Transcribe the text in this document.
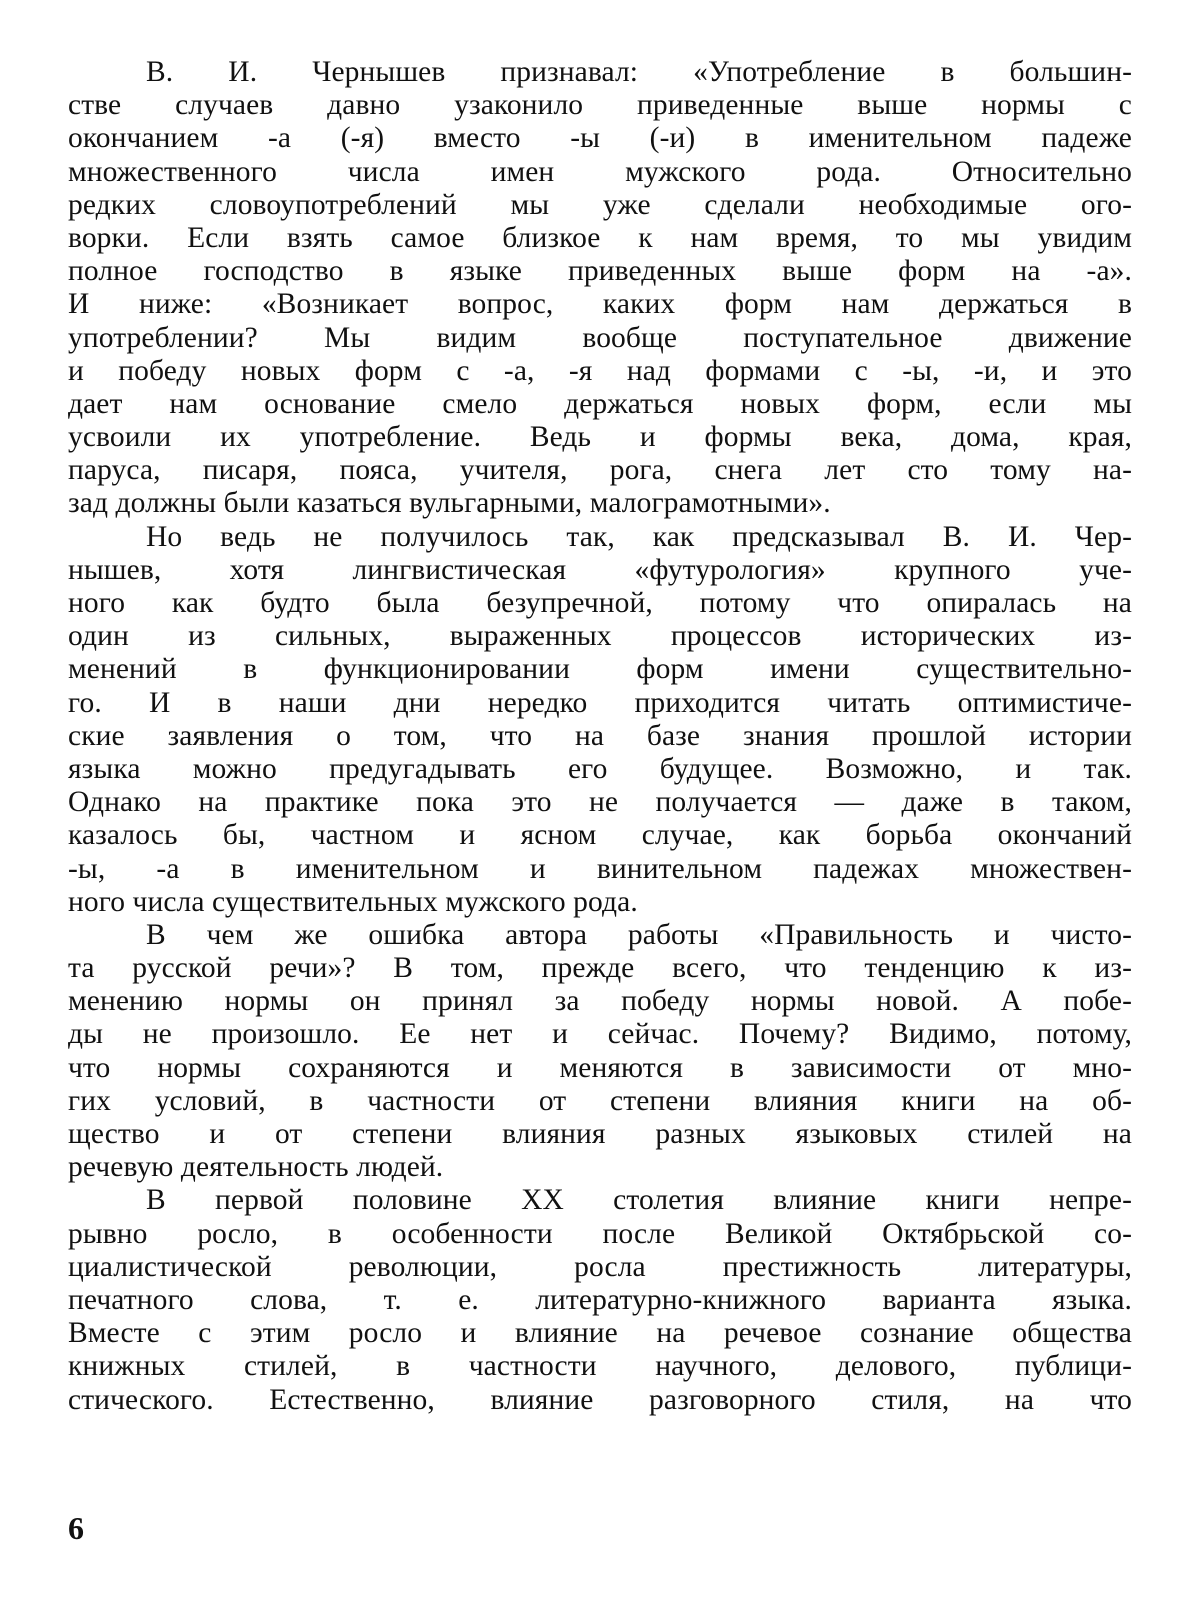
В. И. Чернышев признавал: «Употребление в большин-
стве случаев давно узаконило приведенные выше нормы с
окончанием -а (-я) вместо -ы (-и) в именительном падеже
множественного числа имен мужского рода. Относительно
редких словоупотреблений мы уже сделали необходимые ого-
ворки. Если взять самое близкое к нам время, то мы увидим
полное господство в языке приведенных выше форм на -а».
И ниже: «Возникает вопрос, каких форм нам держаться в
употреблении? Мы видим вообще поступательное движение
и победу новых форм с -а, -я над формами с -ы, -и, и это
дает нам основание смело держаться новых форм, если мы
усвоили их употребление. Ведь и формы века, дома, края,
паруса, писаря, пояса, учителя, рога, снега лет сто тому на-
зад должны были казаться вульгарными, малограмотными».
Но ведь не получилось так, как предсказывал В. И. Чер-
нышев, хотя лингвистическая «футурология» крупного уче-
ного как будто была безупречной, потому что опиралась на
один из сильных, выраженных процессов исторических из-
менений в функционировании форм имени существительно-
го. И в наши дни нередко приходится читать оптимистиче-
ские заявления о том, что на базе знания прошлой истории
языка можно предугадывать его будущее. Возможно, и так.
Однако на практике пока это не получается — даже в таком,
казалось бы, частном и ясном случае, как борьба окончаний
-ы, -а в именительном и винительном падежах множествен-
ного числа существительных мужского рода.
В чем же ошибка автора работы «Правильность и чисто-
та русской речи»? В том, прежде всего, что тенденцию к из-
менению нормы он принял за победу нормы новой. А побе-
ды не произошло. Ее нет и сейчас. Почему? Видимо, потому,
что нормы сохраняются и меняются в зависимости от мно-
гих условий, в частности от степени влияния книги на об-
щество и от степени влияния разных языковых стилей на
речевую деятельность людей.
В первой половине XX столетия влияние книги непре-
рывно росло, в особенности после Великой Октябрьской со-
циалистической революции, росла престижность литературы,
печатного слова, т. е. литературно-книжного варианта языка.
Вместе с этим росло и влияние на речевое сознание общества
книжных стилей, в частности научного, делового, публици-
стического. Естественно, влияние разговорного стиля, на что
6
